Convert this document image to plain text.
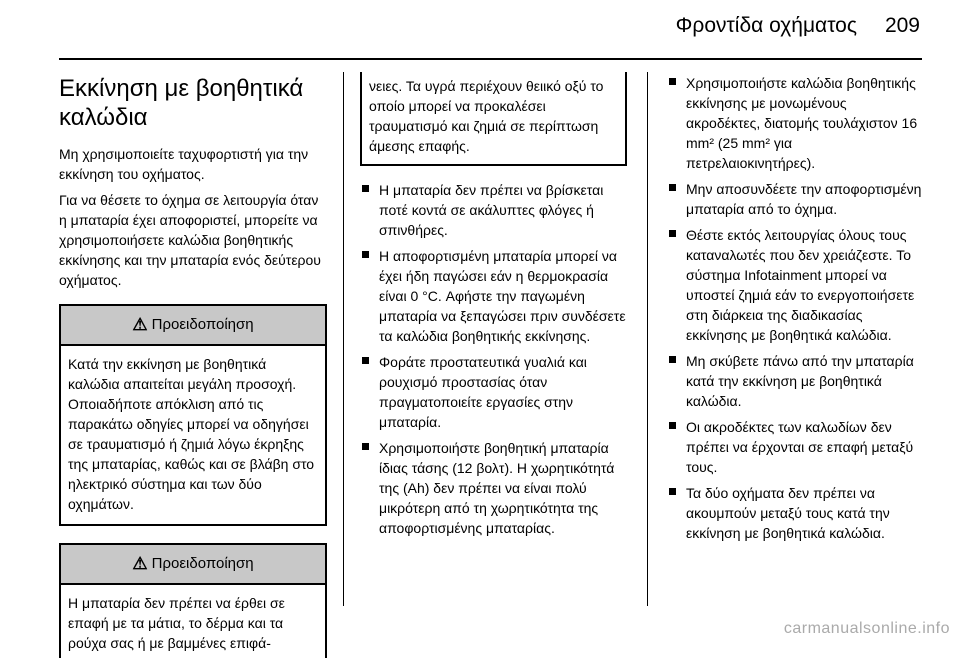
Φροντίδα οχήματος 209
Εκκίνηση με βοηθητικά καλώδια

Μη χρησιμοποιείτε ταχυφορτιστή για την εκκίνηση του οχήματος.

Για να θέσετε το όχημα σε λειτουργία όταν η μπαταρία έχει αποφοριστεί, μπορείτε να χρησιμοποιήσετε καλώδια βοηθητικής εκκίνησης και την μπαταρία ενός δεύτερου οχήματος.

⚠ Προειδοποίηση
Κατά την εκκίνηση με βοηθητικά καλώδια απαιτείται μεγάλη προσοχή. Οποιαδήποτε απόκλιση από τις παρακάτω οδηγίες μπορεί να οδηγήσει σε τραυματισμό ή ζημιά λόγω έκρηξης της μπαταρίας, καθώς και σε βλάβη στο ηλεκτρικό σύστημα και των δύο οχημάτων.
⚠ Προειδοποίηση
Η μπαταρία δεν πρέπει να έρθει σε επαφή με τα μάτια, το δέρμα και τα ρούχα σας ή με βαμμένες επιφά-
νειες. Τα υγρά περιέχουν θειικό οξύ το οποίο μπορεί να προκαλέσει τραυματισμό και ζημιά σε περίπτωση άμεσης επαφής.
Η μπαταρία δεν πρέπει να βρίσκεται ποτέ κοντά σε ακάλυπτες φλόγες ή σπινθήρες.
Η αποφορτισμένη μπαταρία μπορεί να έχει ήδη παγώσει εάν η θερμοκρασία είναι 0 °C. Αφήστε την παγωμένη μπαταρία να ξεπαγώσει πριν συνδέσετε τα καλώδια βοηθητικής εκκίνησης.
Φοράτε προστατευτικά γυαλιά και ρουχισμό προστασίας όταν πραγματοποιείτε εργασίες στην μπαταρία.
Χρησιμοποιήστε βοηθητική μπαταρία ίδιας τάσης (12 βολτ). Η χωρητικότητά της (Ah) δεν πρέπει να είναι πολύ μικρότερη από τη χωρητικότητα της αποφορτισμένης μπαταρίας.
Χρησιμοποιήστε καλώδια βοηθητικής εκκίνησης με μονωμένους ακροδέκτες, διατομής τουλάχιστον 16 mm² (25 mm² για πετρελαιοκινητήρες).
Μην αποσυνδέετε την αποφορτισμένη μπαταρία από το όχημα.
Θέστε εκτός λειτουργίας όλους τους καταναλωτές που δεν χρειάζεστε. Το σύστημα Infotainment μπορεί να υποστεί ζημιά εάν το ενεργοποιήσετε στη διάρκεια της διαδικασίας εκκίνησης με βοηθητικά καλώδια.
Μη σκύβετε πάνω από την μπαταρία κατά την εκκίνηση με βοηθητικά καλώδια.
Οι ακροδέκτες των καλωδίων δεν πρέπει να έρχονται σε επαφή μεταξύ τους.
Τα δύο οχήματα δεν πρέπει να ακουμπούν μεταξύ τους κατά την εκκίνηση με βοηθητικά καλώδια.
carmanualsonline.info
